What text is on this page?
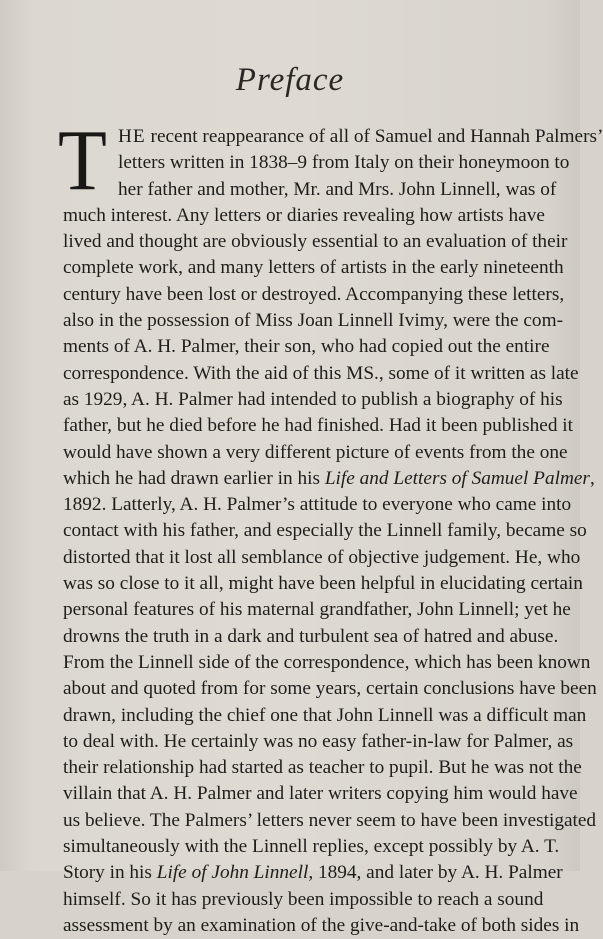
Preface
T HE recent reappearance of all of Samuel and Hannah Palmers’
letters written in 1838–9 from Italy on their honeymoon to
her father and mother, Mr. and Mrs. John Linnell, was of
much interest. Any letters or diaries revealing how artists have
lived and thought are obviously essential to an evaluation of their
complete work, and many letters of artists in the early nineteenth
century have been lost or destroyed. Accompanying these letters,
also in the possession of Miss Joan Linnell Ivimy, were the com-
ments of A. H. Palmer, their son, who had copied out the entire
correspondence. With the aid of this MS., some of it written as late
as 1929, A. H. Palmer had intended to publish a biography of his
father, but he died before he had finished. Had it been published it
would have shown a very different picture of events from the one
which he had drawn earlier in his Life and Letters of Samuel Palmer,
1892. Latterly, A. H. Palmer’s attitude to everyone who came into
contact with his father, and especially the Linnell family, became so
distorted that it lost all semblance of objective judgement. He, who
was so close to it all, might have been helpful in elucidating certain
personal features of his maternal grandfather, John Linnell; yet he
drowns the truth in a dark and turbulent sea of hatred and abuse.
From the Linnell side of the correspondence, which has been known
about and quoted from for some years, certain conclusions have been
drawn, including the chief one that John Linnell was a difficult man
to deal with. He certainly was no easy father-in-law for Palmer, as
their relationship had started as teacher to pupil. But he was not the
villain that A. H. Palmer and later writers copying him would have
us believe. The Palmers’ letters never seem to have been investigated
simultaneously with the Linnell replies, except possibly by A. T.
Story in his Life of John Linnell, 1894, and later by A. H. Palmer
himself. So it has previously been impossible to reach a sound
assessment by an examination of the give-and-take of both sides in
